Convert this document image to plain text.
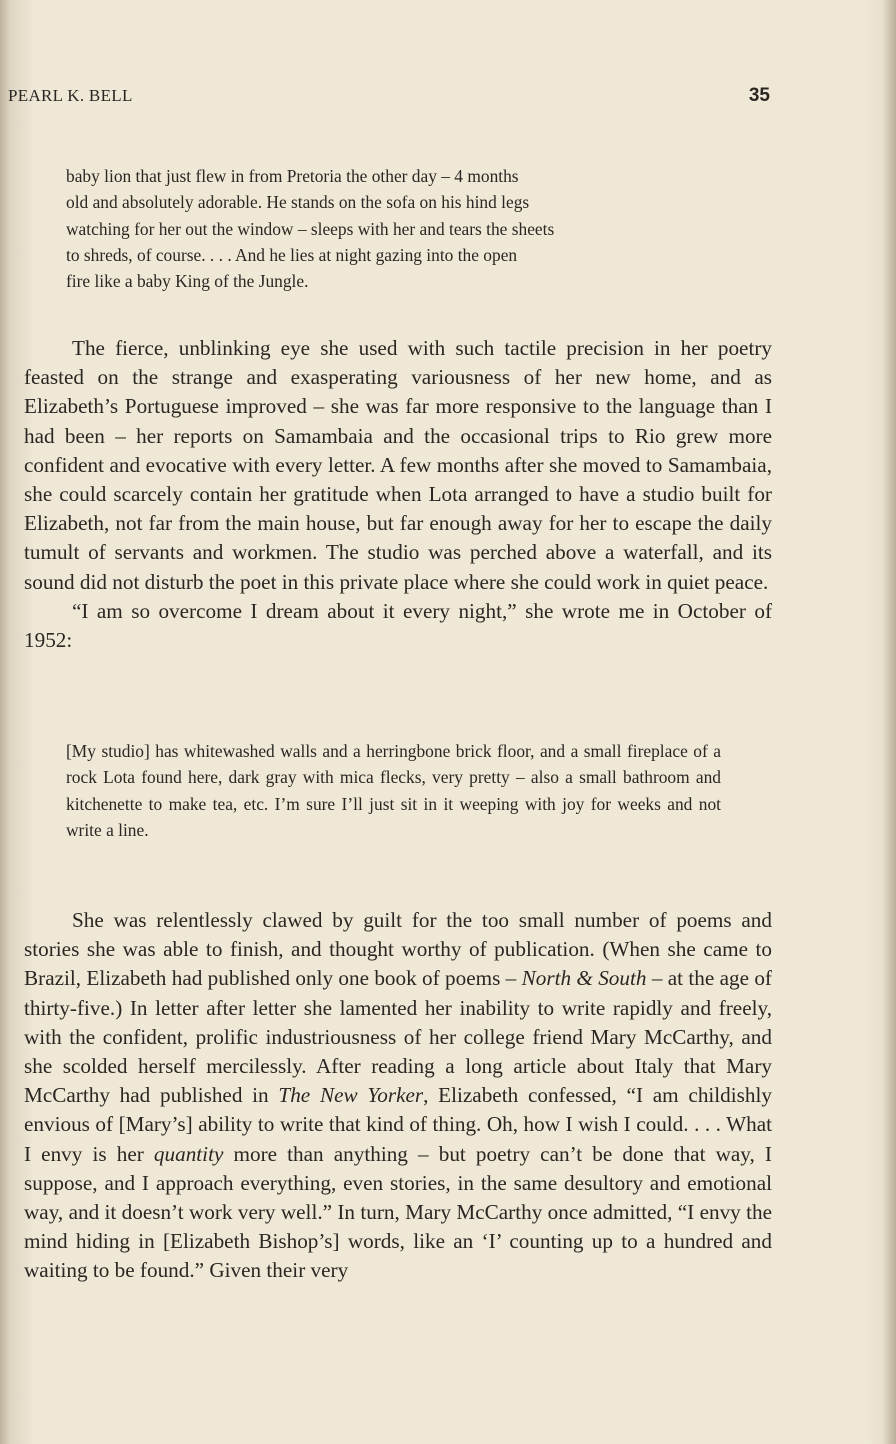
PEARL K. BELL	35

baby lion that just flew in from Pretoria the other day – 4 months
old and absolutely adorable. He stands on the sofa on his hind legs
watching for her out the window – sleeps with her and tears the sheets
to shreds, of course. . . . And he lies at night gazing into the open
fire like a baby King of the Jungle.

The fierce, unblinking eye she used with such tactile precision in her poetry feasted on the strange and exasperating variousness of her new home, and as Elizabeth’s Portuguese improved – she was far more responsive to the language than I had been – her reports on Samambaia and the occasional trips to Rio grew more confident and evocative with every letter. A few months after she moved to Samambaia, she could scarcely contain her gratitude when Lota arranged to have a studio built for Elizabeth, not far from the main house, but far enough away for her to escape the daily tumult of servants and workmen. The studio was perched above a waterfall, and its sound did not disturb the poet in this private place where she could work in quiet peace.

“I am so overcome I dream about it every night,” she wrote me in October of 1952:

[My studio] has whitewashed walls and a herringbone brick floor, and a small fireplace of a rock Lota found here, dark gray with mica flecks, very pretty – also a small bathroom and kitchenette to make tea, etc. I’m sure I’ll just sit in it weeping with joy for weeks and not write a line.

She was relentlessly clawed by guilt for the too small number of poems and stories she was able to finish, and thought worthy of publication. (When she came to Brazil, Elizabeth had published only one book of poems – North & South – at the age of thirty-five.) In letter after letter she lamented her inability to write rapidly and freely, with the confident, prolific industriousness of her college friend Mary McCarthy, and she scolded herself mercilessly. After reading a long article about Italy that Mary McCarthy had published in The New Yorker, Elizabeth confessed, “I am childishly envious of [Mary’s] ability to write that kind of thing. Oh, how I wish I could. . . . What I envy is her quantity more than anything – but poetry can’t be done that way, I suppose, and I approach everything, even stories, in the same desultory and emotional way, and it doesn’t work very well.” In turn, Mary McCarthy once admitted, “I envy the mind hiding in [Elizabeth Bishop’s] words, like an ‘I’ counting up to a hundred and waiting to be found.” Given their very
